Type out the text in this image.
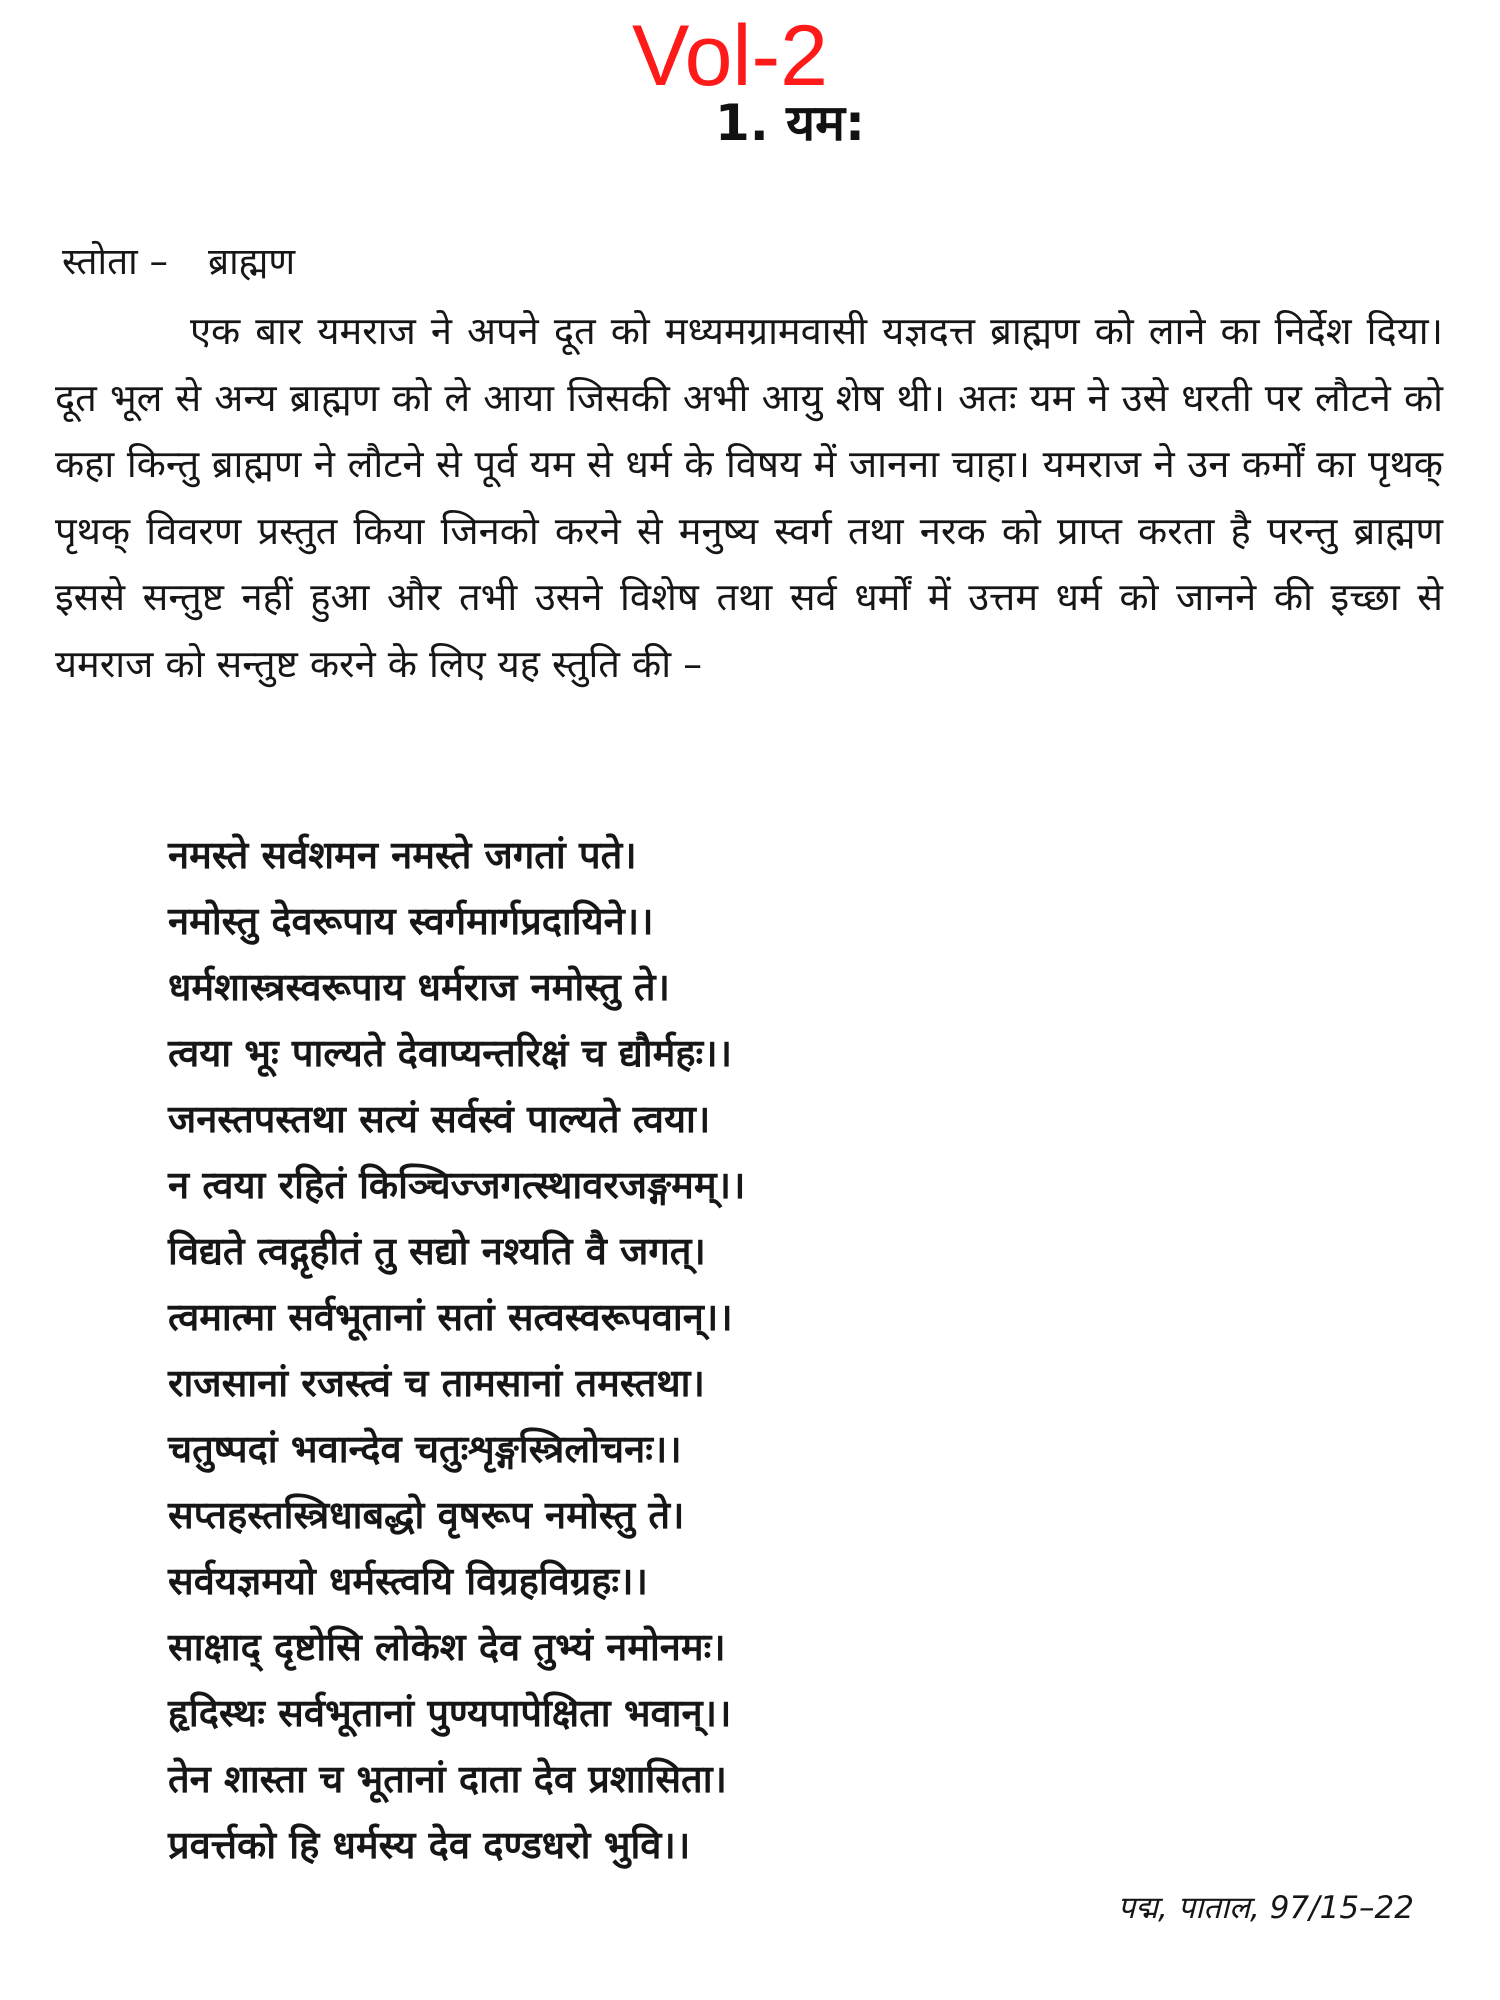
Vol-2
1. यम:
स्तोता – ब्राह्मण
एक बार यमराज ने अपने दूत को मध्यमग्रामवासी यज्ञदत्त ब्राह्मण को लाने का निर्देश दिया। दूत भूल से अन्य ब्राह्मण को ले आया जिसकी अभी आयु शेष थी। अतः यम ने उसे धरती पर लौटने को कहा किन्तु ब्राह्मण ने लौटने से पूर्व यम से धर्म के विषय में जानना चाहा। यमराज ने उन कर्मों का पृथक् पृथक् विवरण प्रस्तुत किया जिनको करने से मनुष्य स्वर्ग तथा नरक को प्राप्त करता है परन्तु ब्राह्मण इससे सन्तुष्ट नहीं हुआ और तभी उसने विशेष तथा सर्व धर्मों में उत्तम धर्म को जानने की इच्छा से यमराज को सन्तुष्ट करने के लिए यह स्तुति की –
नमस्ते सर्वशमन नमस्ते जगतां पते।
नमोस्तु देवरूपाय स्वर्गमार्गप्रदायिने।।
धर्मशास्त्रस्वरूपाय धर्मराज नमोस्तु ते।
त्वया भूः पाल्यते देवाप्यन्तरिक्षं च द्यौर्महः।।
जनस्तपस्तथा सत्यं सर्वस्वं पाल्यते त्वया।
न त्वया रहितं किञ्चिज्जगत्स्थावरजङ्गमम्।।
विद्यते त्वद्गृहीतं तु सद्यो नश्यति वै जगत्।
त्वमात्मा सर्वभूतानां सतां सत्वस्वरूपवान्।।
राजसानां रजस्त्वं च तामसानां तमस्तथा।
चतुष्पदां भवान्देव चतुःशृङ्गस्त्रिलोचनः।।
सप्तहस्तस्त्रिधाबद्धो वृषरूप नमोस्तु ते।
सर्वयज्ञमयो धर्मस्त्वयि विग्रहविग्रहः।।
साक्षाद् दृष्टोसि लोकेश देव तुभ्यं नमोनमः।
हृदिस्थः सर्वभूतानां पुण्यपापेक्षिता भवान्।।
तेन शास्ता च भूतानां दाता देव प्रशासिता।
प्रवर्त्तको हि धर्मस्य देव दण्डधरो भुवि।।
पद्म, पाताल, 97/15–22
